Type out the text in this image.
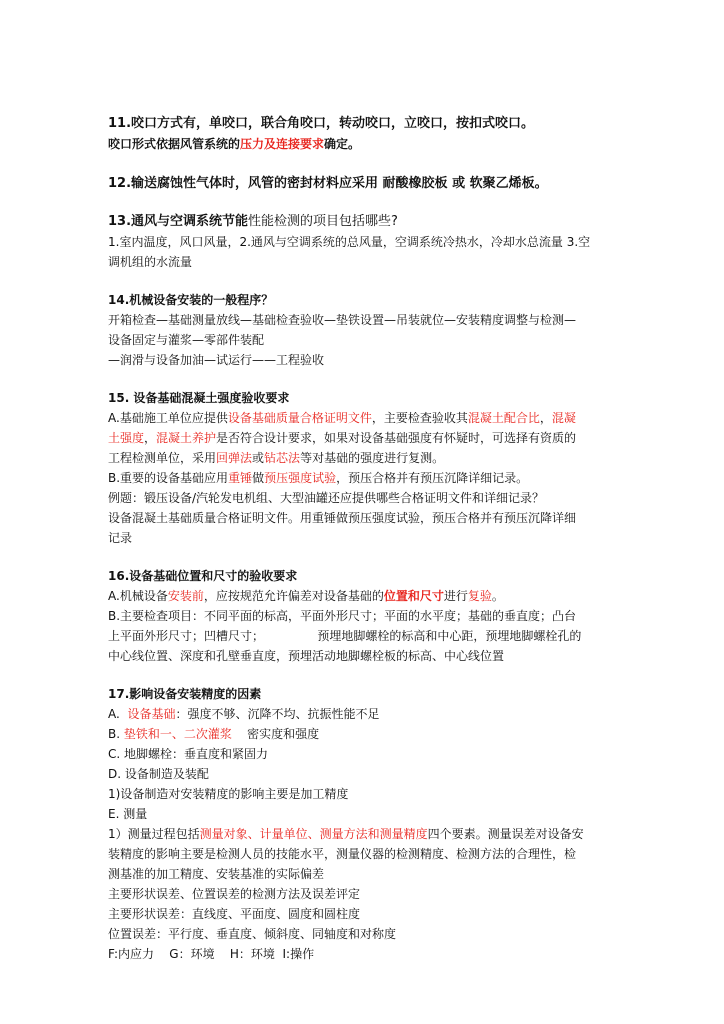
11.咬口方式有，单咬口，联合角咬口，转动咬口，立咬口，按扣式咬口。
咬口形式依据风管系统的压力及连接要求确定。
12.输送腐蚀性气体时，风管的密封材料应采用 耐酸橡胶板 或 软聚乙烯板。
13.通风与空调系统节能性能检测的项目包括哪些?
1.室内温度，风口风量，2.通风与空调系统的总风量，空调系统冷热水，冷却水总流量 3.空
调机组的水流量
14.机械设备安装的一般程序？
开箱检查—基础测量放线—基础检查验收—垫铁设置—吊装就位—安装精度调整与检测—
设备固定与灌浆—零部件装配
—润滑与设备加油—试运行——工程验收
15. 设备基础混凝土强度验收要求
A.基础施工单位应提供设备基础质量合格证明文件，主要检查验收其混凝土配合比，混凝
土强度，混凝土养护是否符合设计要求，如果对设备基础强度有怀疑时，可选择有资质的
工程检测单位，采用回弹法或钻芯法等对基础的强度进行复测。
B.重要的设备基础应用重锤做预压强度试验，预压合格并有预压沉降详细记录。
例题：锻压设备/汽轮发电机组、大型油罐还应提供哪些合格证明文件和详细记录？
设备混凝土基础质量合格证明文件。用重锤做预压强度试验，预压合格并有预压沉降详细
记录
16.设备基础位置和尺寸的验收要求
A.机械设备安装前，应按规范允许偏差对设备基础的位置和尺寸进行复验。
B.主要检查项目：不同平面的标高，平面外形尺寸；平面的水平度；基础的垂直度；凸台
上平面外形尺寸；凹槽尺寸；              预埋地脚螺栓的标高和中心距，预埋地脚螺栓孔的
中心线位置、深度和孔壁垂直度，预埋活动地脚螺栓板的标高、中心线位置
17.影响设备安装精度的因素
A.  设备基础：强度不够、沉降不均、抗振性能不足
B. 垫铁和一、二次灌浆    密实度和强度
C. 地脚螺栓：垂直度和紧固力
D. 设备制造及装配
1)设备制造对安装精度的影响主要是加工精度
E. 测量
1）测量过程包括测量对象、计量单位、测量方法和测量精度四个要素。测量误差对设备安
装精度的影响主要是检测人员的技能水平，测量仪器的检测精度、检测方法的合理性，检
测基准的加工精度、安装基准的实际偏差
主要形状误差、位置误差的检测方法及误差评定
主要形状误差：直线度、平面度、圆度和圆柱度
位置误差：平行度、垂直度、倾斜度、同轴度和对称度
F:内应力    G：环境    H：环境  I:操作
